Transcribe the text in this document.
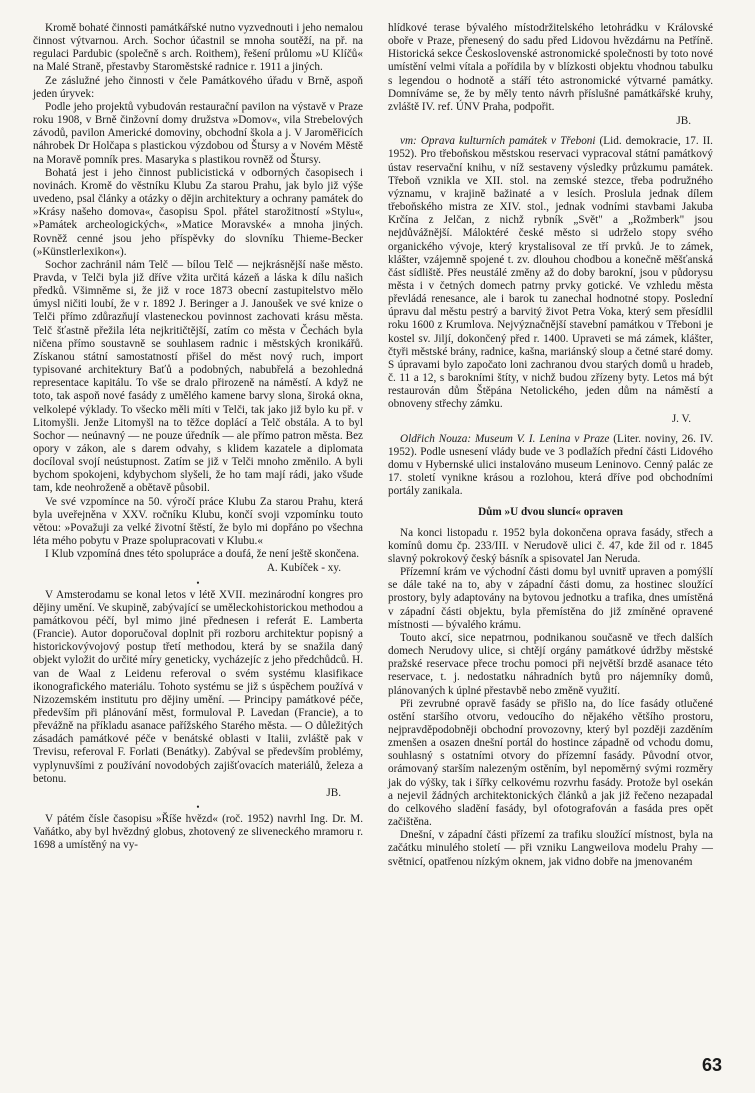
Kromě bohaté činnosti památkářské nutno vyzvednouti i jeho nemalou činnost výtvarnou. Arch. Sochor účastnil se mnoha soutěží, na př. na regulaci Pardubic (společně s arch. Roithem), řešení průlomu »U Klíčů« na Malé Straně, přestavby Staroměstské radnice r. 1911 a jiných.

Ze záslužné jeho činnosti v čele Památkového úřadu v Brně, aspoň jeden úryvek:

Podle jeho projektů vybudován restaurační pavilon na výstavě v Praze roku 1908, v Brně činžovní domy družstva »Domov«, vila Strebelových závodů, pavilon Americké domoviny, obchodní škola a j. V Jaroměřicích náhrobek Dr Holčapa s plastickou výzdobou od Štursy a v Novém Městě na Moravě pomník pres. Masaryka s plastikou rovněž od Štursy.

Bohatá jest i jeho činnost publicistická v odborných časopisech i novinách. Kromě do věstníku Klubu Za starou Prahu, jak bylo již výše uvedeno, psal články a otázky o dějin architektury a ochrany památek do »Krásy našeho domova«, časopisu Spol. přátel starožitností »Stylu«, »Památek archeologických«, »Matice Moravské« a mnoha jiných. Rovněž cenné jsou jeho příspěvky do slovníku Thieme-Becker (»Künstlerlexikon«).

Sochor zachránil nám Telč — bílou Telč — nejkrásnější naše město. Pravda, v Telči byla již dříve vžita určitá kázeň a láska k dílu našich předků. Všimněme si, že již v roce 1873 obecní zastupitelstvo mělo úmysl ničiti loubí, že v r. 1892 J. Beringer a J. Janoušek ve své knize o Telči přímo zdůrazňují vlasteneckou povinnost zachovati krásu města. Telč šťastně přežila léta nejkritičtější, zatím co města v Čechách byla ničena přímo soustavně se souhlasem radnic i městských kronikářů. Získanou státní samostatností přišel do měst nový ruch, import typisované architektury Baťů a podobných, nabubřelá a bezohledná representace kapitálu. To vše se dralo přirozeně na náměstí. A když ne toto, tak aspoň nové fasády z umělého kamene barvy slona, široká okna, velkolepé výklady. To všecko měli míti v Telči, tak jako již bylo ku př. v Litomyšli. Jenže Litomyšl na to těžce doplácí a Telč obstála. A to byl Sochor — neúnavný — ne pouze úředník — ale přímo patron města. Bez opory v zákon, ale s darem odvahy, s klidem kazatele a diplomata docíloval svojí neústupnost. Zatím se již v Telči mnoho změnilo. A byli bychom spokojeni, kdybychom slyšeli, že ho tam mají rádi, jako všude tam, kde neohroženě a obětavě působil.

Ve své vzpomínce na 50. výročí práce Klubu Za starou Prahu, která byla uveřejněna v XXV. ročníku Klubu, končí svoji vzpomínku touto větou: »Považuji za velké životní štěstí, že bylo mi dopřáno po všechna léta mého pobytu v Praze spolupracovati v Klubu.«

I Klub vzpomíná dnes této spolupráce a doufá, že není ještě skončena.

A. Kubíček - xy.

•

V Amsterodamu se konal letos v létě XVII. mezinárodní kongres pro dějiny umění. Ve skupině, zabývající se uměleckohistorickou methodou a památkovou péčí, byl mimo jiné přednesen i referát E. Lamberta (Francie). Autor doporučoval doplnit při rozboru architektur popisný a historickovývojový postup třetí methodou, která by se snažila daný objekt vyložit do určité míry geneticky, vycházejíc z jeho předchůdců. H. van de Waal z Leidenu referoval o svém systému klasifikace ikonografického materiálu. Tohoto systému se již s úspěchem používá v Nizozemském institutu pro dějiny umění. — Principy památkové péče, především při plánování měst, formuloval P. Lavedan (Francie), a to převážně na příkladu asanace pařížského Starého města. — O důležitých zásadách památkové péče v benátské oblasti v Italii, zvláště pak v Trevisu, referoval F. Forlati (Benátky). Zabýval se především problémy, vyplynuvšími z používání novodobých zajišťovacích materiálů, železa a betonu.

JB.

•

V pátém čísle časopisu »Říše hvězd« (roč. 1952) navrhl Ing. Dr. M. Vaňátko, aby byl hvězdný globus, zhotovený ze sliveneckého mramoru r. 1698 a umístěný na vy-

hlídkové terase bývalého místodržitelského letohrádku v Královské oboře v Praze, přenesený do sadu před Lidovou hvězdárnu na Petříně. Historická sekce Československé astronomické společnosti by toto nové umístění velmi vítala a pořídila by v blízkosti objektu vhodnou tabulku s legendou o hodnotě a stáří této astronomické výtvarné památky. Domníváme se, že by měly tento návrh příslušné památkářské kruhy, zvláště IV. ref. ÚNV Praha, podpořit.

JB.

vm: Oprava kulturních památek v Třeboni (Lid. demokracie, 17. II. 1952). Pro třeboňskou městskou reservaci vypracoval státní památkový ústav reservační knihu, v níž sestaveny výsledky průzkumu památek. Třeboň vznikla ve XII. stol. na zemské stezce, třeba podružného významu, v krajině bažinaté a v lesích. Proslula jednak dílem třeboňského mistra ze XIV. stol., jednak vodními stavbami Jakuba Krčína z Jelčan, z nichž rybník „Svět" a „Rožmberk" jsou nejdůvážnější. Máloktéré české město si udrželo stopy svého organického vývoje, který krystalisoval ze tří prvků. Je to zámek, klášter, vzájemně spojené t. zv. dlouhou chodbou a konečně měšťanská část sídliště. Přes neustálé změny až do doby barokní, jsou v půdorysu města i v četných domech patrny prvky gotické. Ve vzhledu města převládá renesance, ale i barok tu zanechal hodnotné stopy. Poslední úpravu dal městu pestrý a barvitý život Petra Voka, který sem přesídlil roku 1600 z Krumlova. Nejvýznačnější stavební památkou v Třeboni je kostel sv. Jiljí, dokončený před r. 1400. Upraveti se má zámek, klášter, čtyři městské brány, radnice, kašna, mariánský sloup a četné staré domy. S úpravami bylo započato loni zachranou dvou starých domů u hradeb, č. 11 a 12, s barokními štíty, v nichž budou zřízeny byty. Letos má být restaurován dům Štěpána Netolického, jeden dům na náměstí a obnoveny střechy zámku.

J. V.

Oldřich Nouza: Museum V. I. Lenina v Praze (Liter. noviny, 26. IV. 1952). Podle usnesení vlády bude ve 3 podlažích přední části Lidového domu v Hybernské ulici instalováno museum Leninovo. Cenný palác ze 17. století vyniknе krásou a rozlohou, která dříve pod obchodními portály zanikala.

Dům »U dvou sluncí« opraven

Na konci listopadu r. 1952 byla dokončena oprava fasády, střech a komínů domu čp. 233/III. v Nerudově ulici č. 47, kde žil od r. 1845 slavný pokrokový český básník a spisovatel Jan Neruda.

Přízemní krám ve východní části domu byl uvnitř upraven a pomýšlí se dále také na to, aby v západní části domu, za hostinec sloužící prostory, byly adaptovány na bytovou jednotku a trafika, dnes umístěná v západní části objektu, byla přemístěna do již zmíněné opravené místnosti — bývalého krámu.

Touto akcí, sice nepatrnou, podnikanou současně ve třech dalších domech Nerudovy ulice, si chtějí orgány památkové údržby městské pražské reservace přece trochu pomoci při největší brzdě asanace této reservace, t. j. nedostatku náhradních bytů pro nájemníky domů, plánovaných k úplné přestavbě nebo změně využití.

Při zevrubné opravě fasády se přišlo na, do líce fasády otlučené ostění staršího otvoru, vedoucího do nějakého většího prostoru, nejpravděpodobněji obchodní provozovny, který byl později zazděním zmenšen a osazen dnešní portál do hostince západně od vchodu domu, souhlasný s ostatními otvory do přízemní fasády. Původní otvor, orámovaný starším nalezeným ostěním, byl nepoměrný svými rozměry jak do výšky, tak i šířky celkovému rozvrhu fasády. Protože byl osekán a nejevil žádných architektonických článků a jak již řečeno nezapadal do celkového sladění fasády, byl ofotografován a fasáda pres opět začištěna.

Dnešní, v západní části přízemí za trafiku sloužící místnost, byla na začátku minulého století — při vzniku Langweilova modelu Prahy — světnicí, opatřenou nízkým oknem, jak vidno dobře na jmenovaném

63
